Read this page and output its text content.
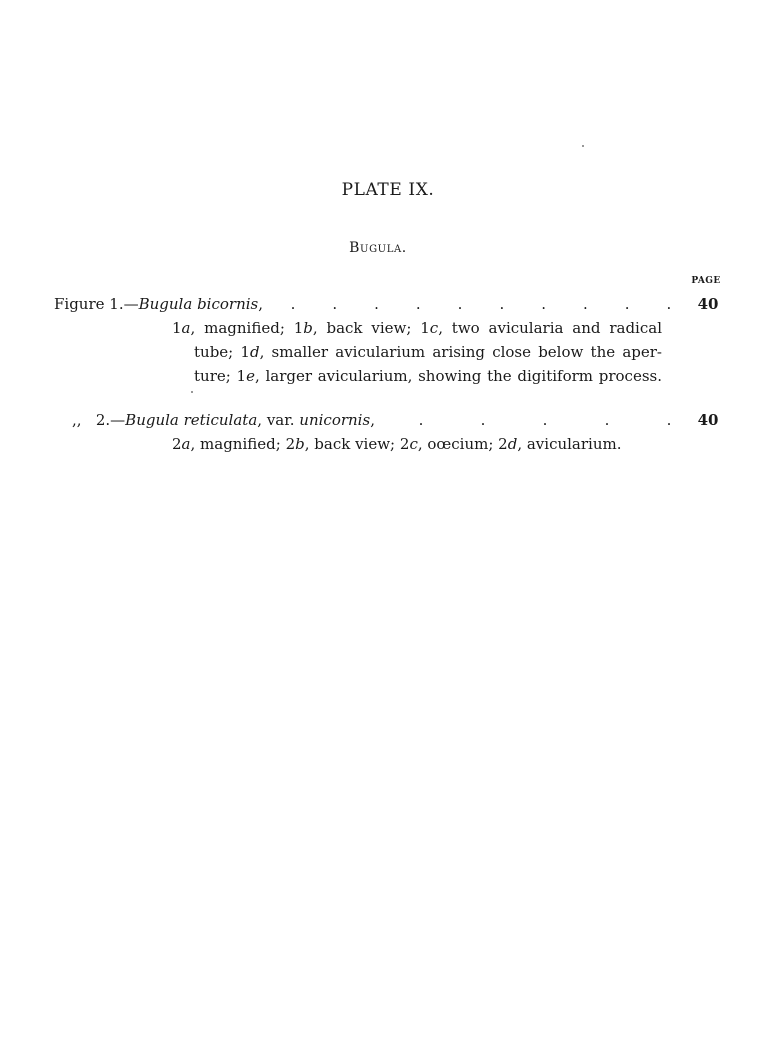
PLATE IX.
Bugula.
PAGE
Figure 1.—Bugula bicornis,	.	.	.	.	.	.	.	.	.	.	40
1a, magnified; 1b, back view; 1c, two avicularia and radical
tube; 1d, smaller avicularium arising close below the aper-
ture; 1e, larger avicularium, showing the digitiform process.
,, 2.—Bugula reticulata, var. unicornis,	.	.	.	.	.	40
2a, magnified; 2b, back view; 2c, oœcium; 2d, avicularium.
